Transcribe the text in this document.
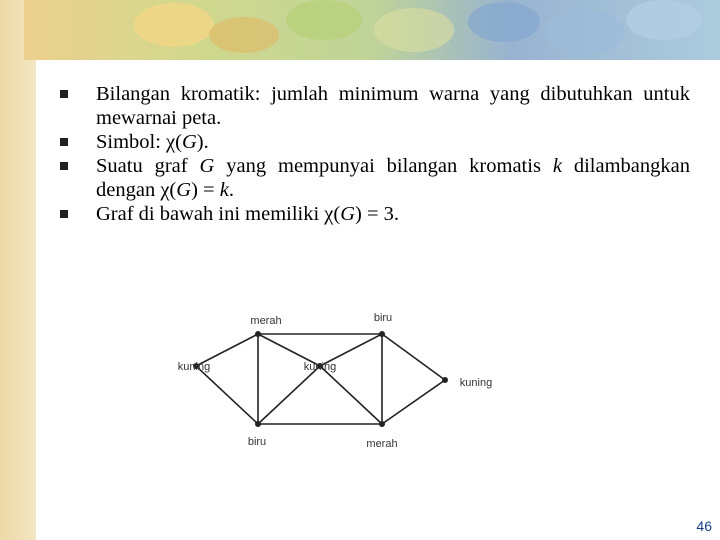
Bilangan kromatik: jumlah minimum warna yang dibutuhkan untuk mewarnai peta.
Simbol: χ(G).
Suatu graf G yang mempunyai bilangan kromatis k dilambangkan dengan χ(G) = k.
Graf di bawah ini memiliki χ(G) = 3.
kuning
merah
kuning
biru
biru
merah
kuning
46
